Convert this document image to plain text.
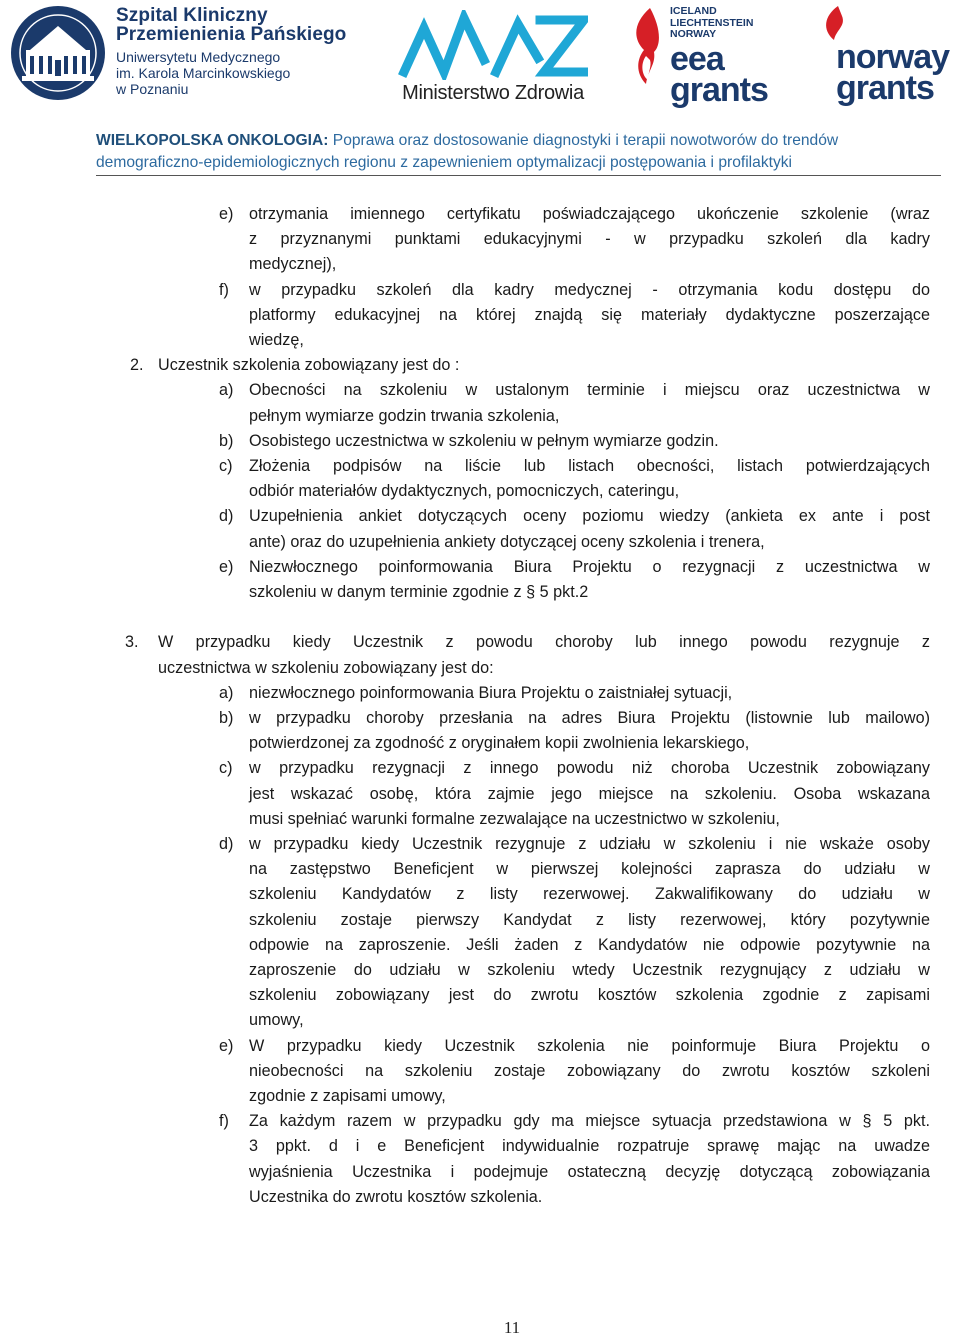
Szpital Kliniczny
Przemienienia Pańskiego
Uniwersytetu Medycznego
im. Karola Marcinkowskiego
w Poznaniu	Ministerstwo Zdrowia
ICELAND
LIECHTENSTEIN
NORWAY
eea
grants
norway
grants
WIELKOPOLSKA ONKOLOGIA: Poprawa oraz dostosowanie diagnostyki i terapii nowotworów do trendów
demograficzno-epidemiologicznych regionu z zapewnieniem optymalizacji postępowania i profilaktyki
e) otrzymania imiennego certyfikatu poświadczającego ukończenie szkolenie (wraz
z przyznanymi punktami edukacyjnymi - w przypadku szkoleń dla kadry
medycznej),
f) w przypadku szkoleń dla kadry medycznej - otrzymania kodu dostępu do
platformy edukacyjnej na której znajdą się materiały dydaktyczne poszerzające
wiedzę,
2. Uczestnik szkolenia zobowiązany jest do :
a) Obecności na szkoleniu w ustalonym terminie i miejscu oraz uczestnictwa w
pełnym wymiarze godzin trwania szkolenia,
b) Osobistego uczestnictwa w szkoleniu w pełnym wymiarze godzin.
c) Złożenia podpisów na liście lub listach obecności, listach potwierdzających
odbiór materiałów dydaktycznych, pomocniczych, cateringu,
d) Uzupełnienia ankiet dotyczących oceny poziomu wiedzy (ankieta ex ante i post
ante) oraz do uzupełnienia ankiety dotyczącej oceny szkolenia i trenera,
e) Niezwłocznego poinformowania Biura Projektu o rezygnacji z uczestnictwa w
szkoleniu w danym terminie zgodnie z § 5 pkt.2
3. W przypadku kiedy Uczestnik z powodu choroby lub innego powodu rezygnuje z
uczestnictwa w szkoleniu zobowiązany jest do:
a) niezwłocznego poinformowania Biura Projektu o zaistniałej sytuacji,
b) w przypadku choroby przesłania na adres Biura Projektu (listownie lub mailowo)
potwierdzonej za zgodność z oryginałem kopii zwolnienia lekarskiego,
c) w przypadku rezygnacji z innego powodu niż choroba Uczestnik zobowiązany
jest wskazać osobę, która zajmie jego miejsce na szkoleniu. Osoba wskazana
musi spełniać warunki formalne zezwalające na uczestnictwo w szkoleniu,
d) w przypadku kiedy Uczestnik rezygnuje z udziału w szkoleniu i nie wskaże osoby
na zastępstwo Beneficjent w pierwszej kolejności zaprasza do udziału w
szkoleniu Kandydatów z listy rezerwowej. Zakwalifikowany do udziału w
szkoleniu zostaje pierwszy Kandydat z listy rezerwowej, który pozytywnie
odpowie na zaproszenie. Jeśli żaden z Kandydatów nie odpowie pozytywnie na
zaproszenie do udziału w szkoleniu wtedy Uczestnik rezygnujący z udziału w
szkoleniu zobowiązany jest do zwrotu kosztów szkolenia zgodnie z zapisami
umowy,
e) W przypadku kiedy Uczestnik szkolenia nie poinformuje Biura Projektu o
nieobecności na szkoleniu zostaje zobowiązany do zwrotu kosztów szkoleni
zgodnie z zapisami umowy,
f) Za każdym razem w przypadku gdy ma miejsce sytuacja przedstawiona w § 5 pkt.
3 ppkt. d i e Beneficjent indywidualnie rozpatruje sprawę mając na uwadze
wyjaśnienia Uczestnika i podejmuje ostateczną decyzję dotyczącą zobowiązania
Uczestnika do zwrotu kosztów szkolenia.
11
